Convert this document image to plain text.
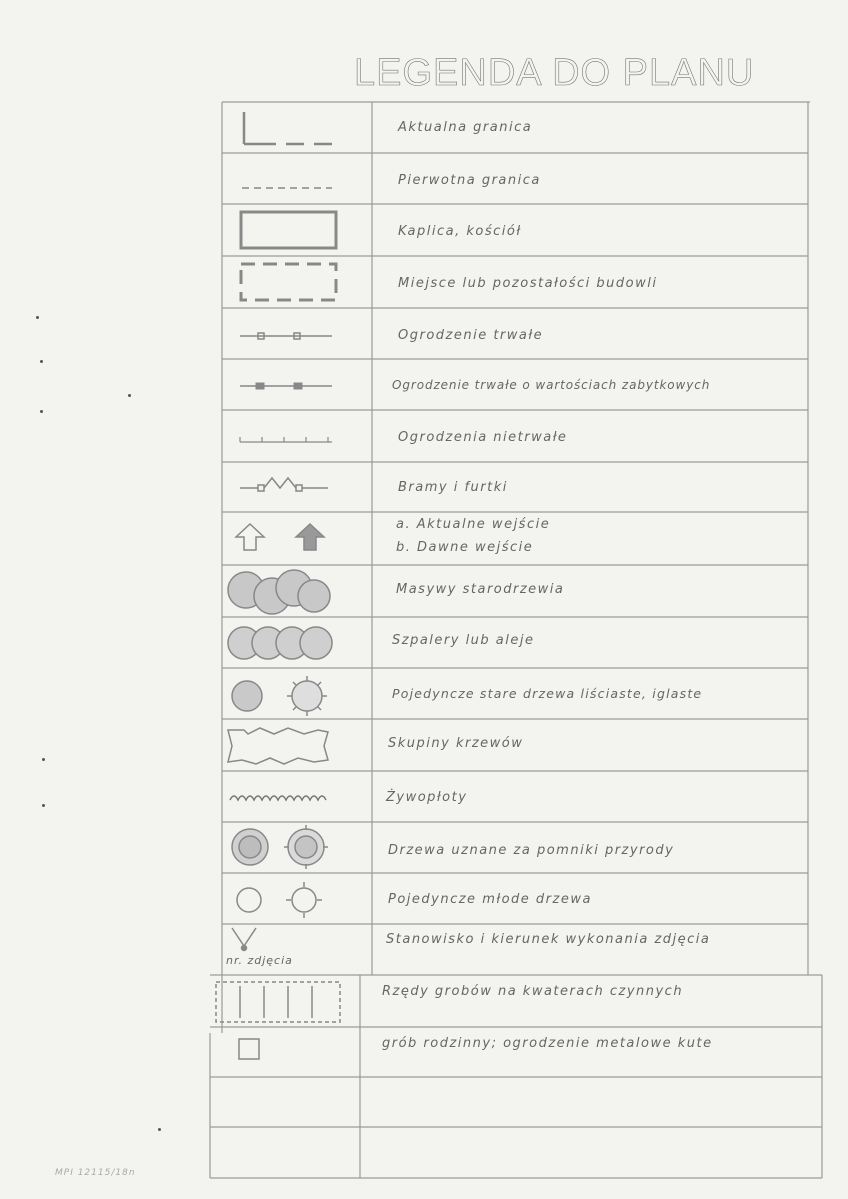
LEGENDA DO PLANU
nr. zdjęcia
Aktualna granica
Pierwotna granica
Kaplica, kościół
Miejsce lub pozostałości budowli
Ogrodzenie trwałe
Ogrodzenie trwałe o wartościach zabytkowych
Ogrodzenia nietrwałe
Bramy i furtki
a. Aktualne wejście
b. Dawne wejście
Masywy starodrzewia
Szpalery lub aleje
Pojedyncze stare drzewa liściaste, iglaste
Skupiny krzewów
Żywopłoty
Drzewa uznane za pomniki przyrody
Pojedyncze młode drzewa
Stanowisko i kierunek wykonania zdjęcia
Rzędy grobów na kwaterach czynnych
grób rodzinny; ogrodzenie metalowe kute
MPI 12115/18n
